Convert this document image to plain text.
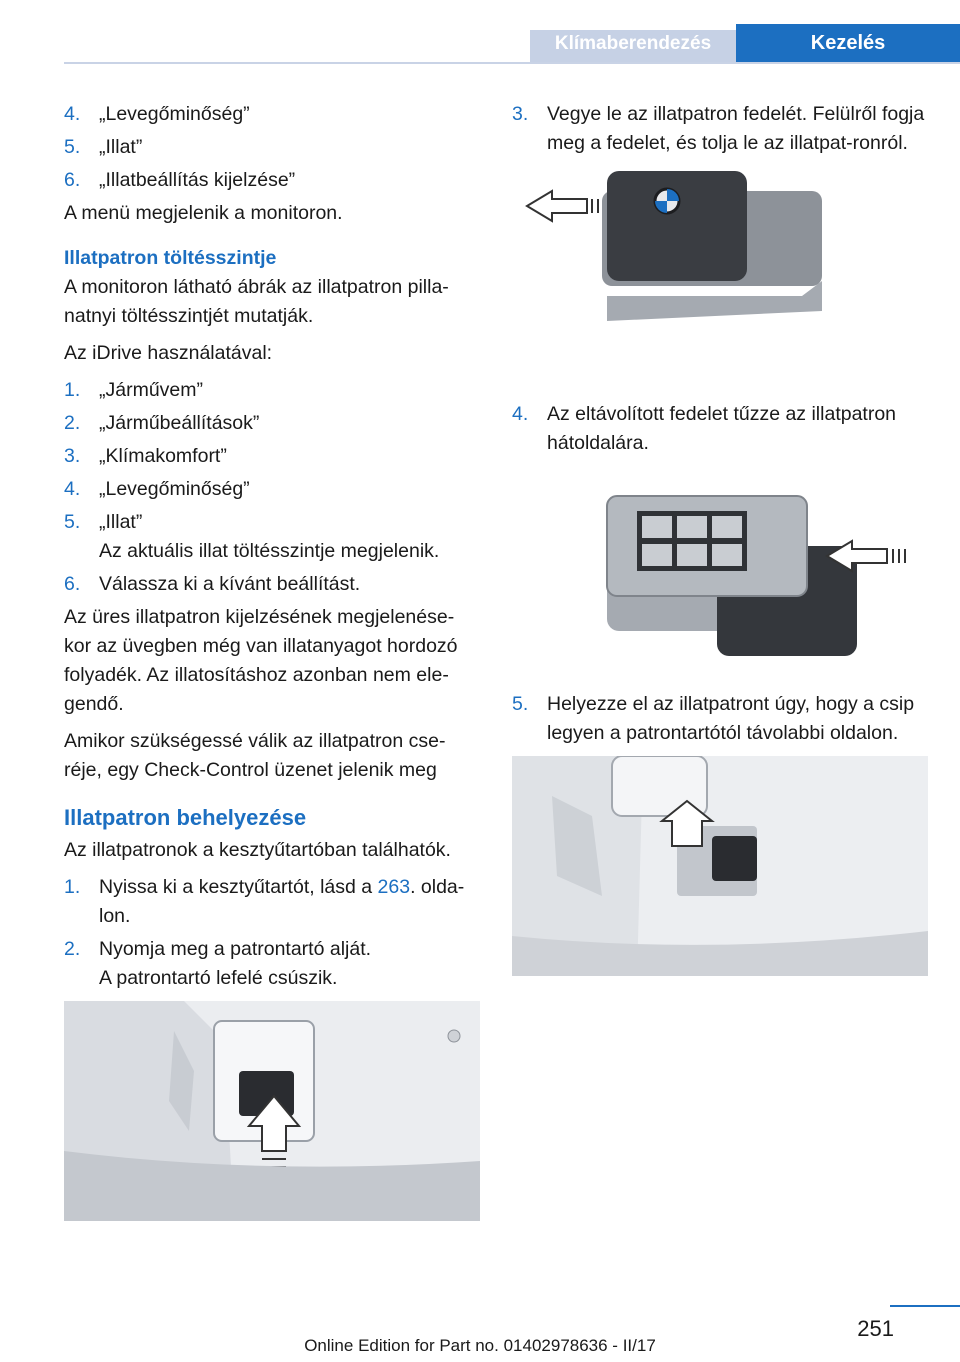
Klímaberendezés	Kezelés
4. „Levegőminőség”
5. „Illat”
6. „Illatbeállítás kijelzése”

A menü megjelenik a monitoron.

Illatpatron töltésszintje

A monitoron látható ábrák az illatpatron pilla-natnyi töltésszintjét mutatják.

Az iDrive használatával:

1. „Járművem”
2. „Járműbeállítások”
3. „Klímakomfort”
4. „Levegőminőség”
5. „Illat”
Az aktuális illat töltésszintje megjelenik.
6. Válassza ki a kívánt beállítást.

Az üres illatpatron kijelzésének megjelenése-kor az üvegben még van illatanyagot hordozó folyadék. Az illatosításhoz azonban nem ele-gendő.

Amikor szükségessé válik az illatpatron cse-réje, egy Check-Control üzenet jelenik meg

Illatpatron behelyezése

Az illatpatronok a kesztyűtartóban találhatók.

1. Nyissa ki a kesztyűtartót, lásd a 263. olda-lon.
2. Nyomja meg a patrontartó alját.
A patrontartó lefelé csúszik.
3. Vegye le az illatpatron fedelét. Felülről fogja meg a fedelet, és tolja le az illatpat-ronról.
4. Az eltávolított fedelet tűzze az illatpatron hátoldalára.
5. Helyezze el az illatpatront úgy, hogy a csip legyen a patrontartótól távolabbi oldalon.
251
Online Edition for Part no. 01402978636 - II/17
